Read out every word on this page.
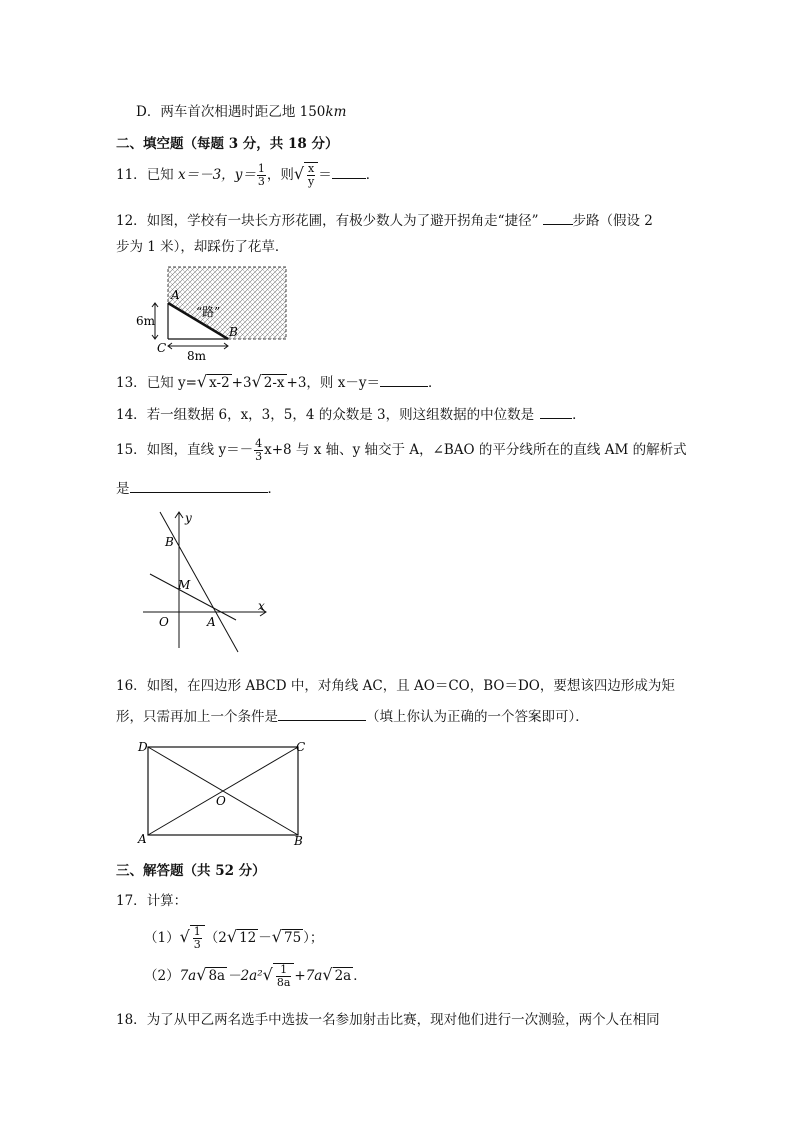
D．两车首次相遇时距乙地 150km
二、填空题（每题 3 分，共 18 分）
11．已知 x＝－3，$y= \frac{1}{3}$ ，则√ $\frac{x}{y}$ ＝	．
12．如图，学校有一块长方形花圃，有极少数人为了避开拐角走“捷径”	步路（假设 2
步为 1 米），却踩伤了花草．
A
B
C
“路”
6m
8m
13．已知 y=√ x-2 +3√ 2-x +3，则 x－y＝	．
14．若一组数据 6，x，3，5，4 的众数是 3，则这组数据的中位数是	．
15．如图，直线 $y=- \frac{4}{3} x+8$ 与 x 轴、y 轴交于 A，∠BAO 的平分线所在的直线 AM 的解析式
是	．
y
x
B
M
O	A
16．如图，在四边形 ABCD 中，对角线 AC，且 AO＝CO，BO＝DO，要想该四边形成为矩
形，只需再加上一个条件是	（填上你认为正确的一个答案即可）．
D	C
A	B
O
三、解答题（共 52 分）
17．计算：
$(1)√ \frac{1}{3} (2√$ 12 －√ 75 ）；
（2）7a√ $8a -2a^2√ \frac{1}{8a} +7a√$ 2a ．
18．为了从甲乙两名选手中选拔一名参加射击比赛，现对他们进行一次测验，两个人在相同
